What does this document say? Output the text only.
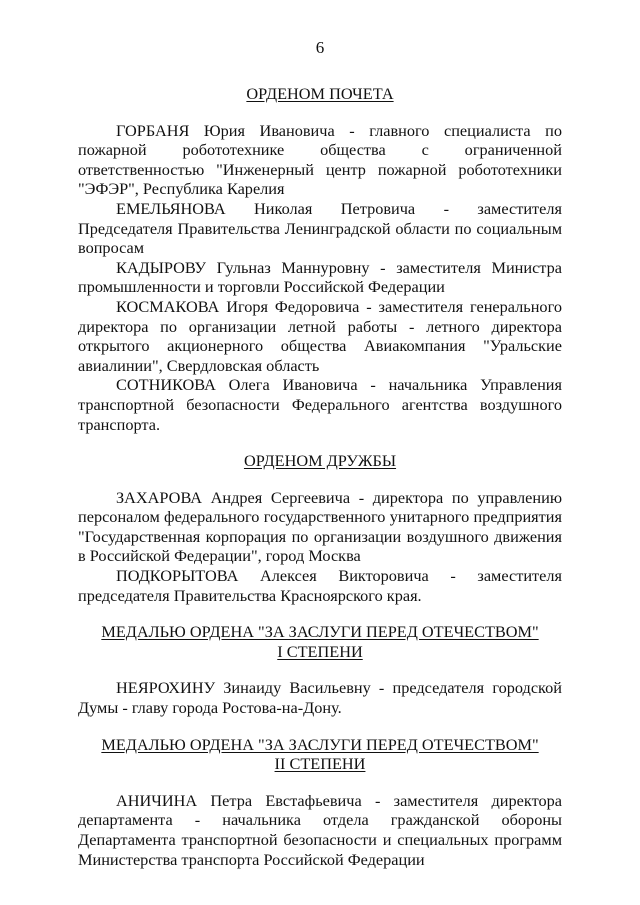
6

ОРДЕНОМ ПОЧЕТА

ГОРБАНЯ Юрия Ивановича - главного специалиста по пожарной робототехнике общества с ограниченной ответственностью "Инженерный центр пожарной робототехники "ЭФЭР", Республика Карелия

ЕМЕЛЬЯНОВА Николая Петровича - заместителя Председателя Правительства Ленинградской области по социальным вопросам

КАДЫРОВУ Гульназ Маннуровну - заместителя Министра промышленности и торговли Российской Федерации

КОСМАКОВА Игоря Федоровича - заместителя генерального директора по организации летной работы - летного директора открытого акционерного общества Авиакомпания "Уральские авиалинии", Свердловская область

СОТНИКОВА Олега Ивановича - начальника Управления транспортной безопасности Федерального агентства воздушного транспорта.

ОРДЕНОМ ДРУЖБЫ

ЗАХАРОВА Андрея Сергеевича - директора по управлению персоналом федерального государственного унитарного предприятия "Государственная корпорация по организации воздушного движения в Российской Федерации", город Москва

ПОДКОРЫТОВА Алексея Викторовича - заместителя председателя Правительства Красноярского края.

МЕДАЛЬЮ ОРДЕНА "ЗА ЗАСЛУГИ ПЕРЕД ОТЕЧЕСТВОМ"
I СТЕПЕНИ

НЕЯРОХИНУ Зинаиду Васильевну - председателя городской Думы - главу города Ростова-на-Дону.

МЕДАЛЬЮ ОРДЕНА "ЗА ЗАСЛУГИ ПЕРЕД ОТЕЧЕСТВОМ"
II СТЕПЕНИ

АНИЧИНА Петра Евстафьевича - заместителя директора департамента - начальника отдела гражданской обороны Департамента транспортной безопасности и специальных программ Министерства транспорта Российской Федерации
